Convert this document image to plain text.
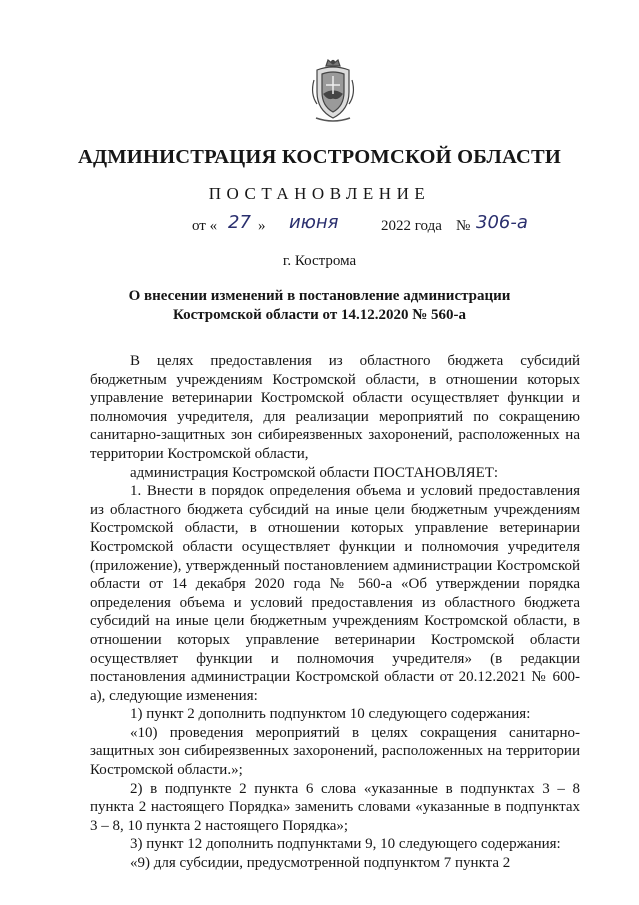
АДМИНИСТРАЦИЯ КОСТРОМСКОЙ ОБЛАСТИ
ПОСТАНОВЛЕНИЕ
от « 27 » июня	2022 года № 306-а
г. Кострома
О внесении изменений в постановление администрации
Костромской области от 14.12.2020 № 560-а

В целях предоставления из областного бюджета субсидий бюджетным учреждениям Костромской области, в отношении которых управление ветеринарии Костромской области осуществляет функции и полномочия учредителя, для реализации мероприятий по сокращению санитарно-защитных зон сибиреязвенных захоронений, расположенных на территории Костромской области,

администрация Костромской области ПОСТАНОВЛЯЕТ:

1. Внести в порядок определения объема и условий предоставления из областного бюджета субсидий на иные цели бюджетным учреждениям Костромской области, в отношении которых управление ветеринарии Костромской области осуществляет функции и полномочия учредителя (приложение), утвержденный постановлением администрации Костромской области от 14 декабря 2020 года № 560-а «Об утверждении порядка определения объема и условий предоставления из областного бюджета субсидий на иные цели бюджетным учреждениям Костромской области, в отношении которых управление ветеринарии Костромской области осуществляет функции и полномочия учредителя» (в редакции постановления администрации Костромской области от 20.12.2021 № 600-а), следующие изменения:

1) пункт 2 дополнить подпунктом 10 следующего содержания:

«10) проведения мероприятий в целях сокращения санитарно-защитных зон сибиреязвенных захоронений, расположенных на территории Костромской области.»;

2) в подпункте 2 пункта 6 слова «указанные в подпунктах 3 – 8 пункта 2 настоящего Порядка» заменить словами «указанные в подпунктах 3 – 8, 10 пункта 2 настоящего Порядка»;

3) пункт 12 дополнить подпунктами 9, 10 следующего содержания:

«9) для субсидии, предусмотренной подпунктом 7 пункта 2
